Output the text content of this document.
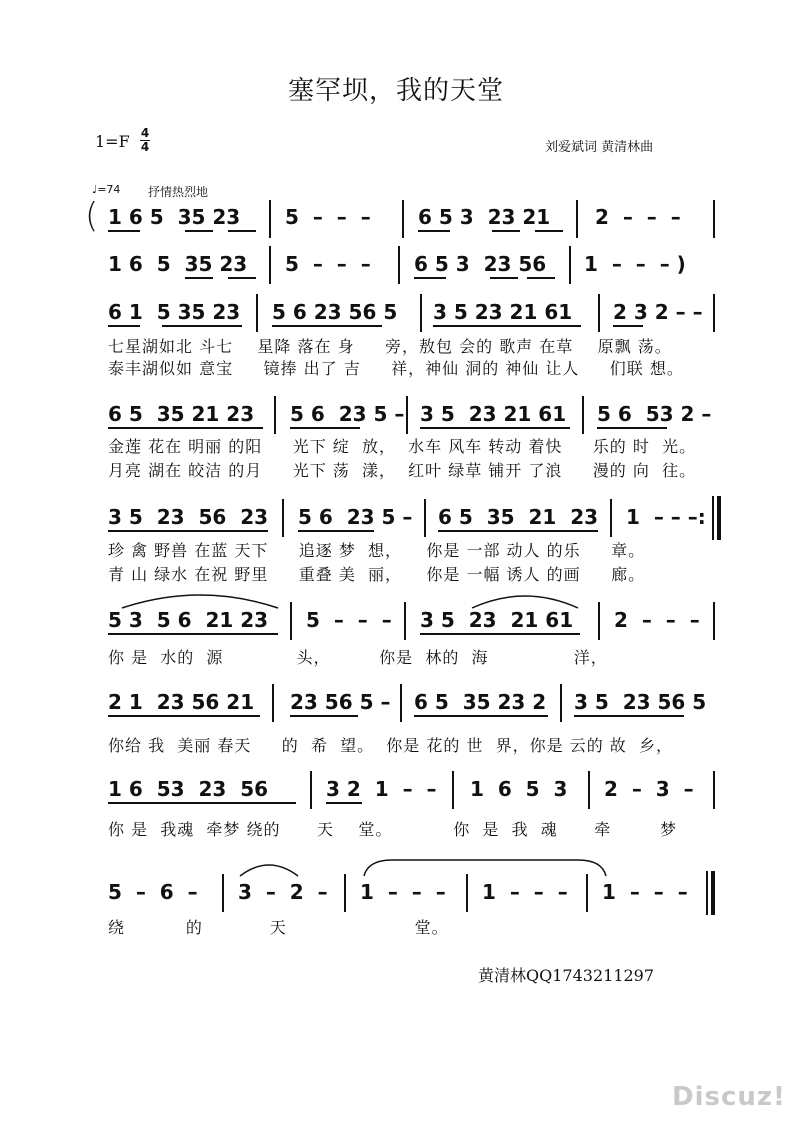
塞罕坝，我的天堂
1=F 4
4	刘爱斌词 黄清林曲
♩=74 抒情热烈地
( 1 6 5  35 23 5  –  –  – 6 5 3  23 21 2  –  –  –
1 6  5  35 23 5  –  –  – 6 5 3  23 56 1  –  –  – )
6 1  5 35 23 5 6 23 56 5 3 5 23 21 61 2 3 2 – –
七星湖如北 斗七    星降 落在 身     旁，敖包 会的 歌声 在草    原飘 荡。
泰丰湖似如 意宝     镜捧 出了 吉     祥，神仙 洞的 神仙 让人     们联 想。
6 5  35 21 23 5 6  23 5 – 3 5  23 21 61 5 6  53 2 –
金莲 花在 明丽 的阳     光下 绽  放，  水车 风车 转动 着快     乐的 时  光。
月亮 湖在 皎洁 的月     光下 荡  漾，  红叶 绿草 铺开 了浪     漫的 向  往。
3 5  23  56  23 5 6  23 5 – 6 5  35  21  23 1  – – –:
珍 禽 野兽 在蓝 天下     追逐 梦  想，    你是 一部 动人 的乐     章。
青 山 绿水 在祝 野里     重叠 美  丽，    你是 一幅 诱人 的画     廊。
5 3  5 6  21 23 5  –  –  – 3 5  23  21 61 2  –  –  –
你 是  水的  源            头，        你是  林的  海              洋，
2 1  23 56 21 23 56 5 – 6 5  35 23 2 3 5  23 56 5
你给 我  美丽 春天     的  希  望。  你是 花的 世  界，你是 云的 故  乡，
1 6  53  23  56	3 2  1  –  – 1  6  5  3 2  –  3  –
你 是  我魂  牵梦 绕的      天    堂。          你  是  我  魂      牵        梦
5  –  6  – 3  –  2  – 1  –  –  – 1  –  –  – 1  –  –  –
绕          的           天                     堂。
黄清林QQ1743211297
Discuz!
